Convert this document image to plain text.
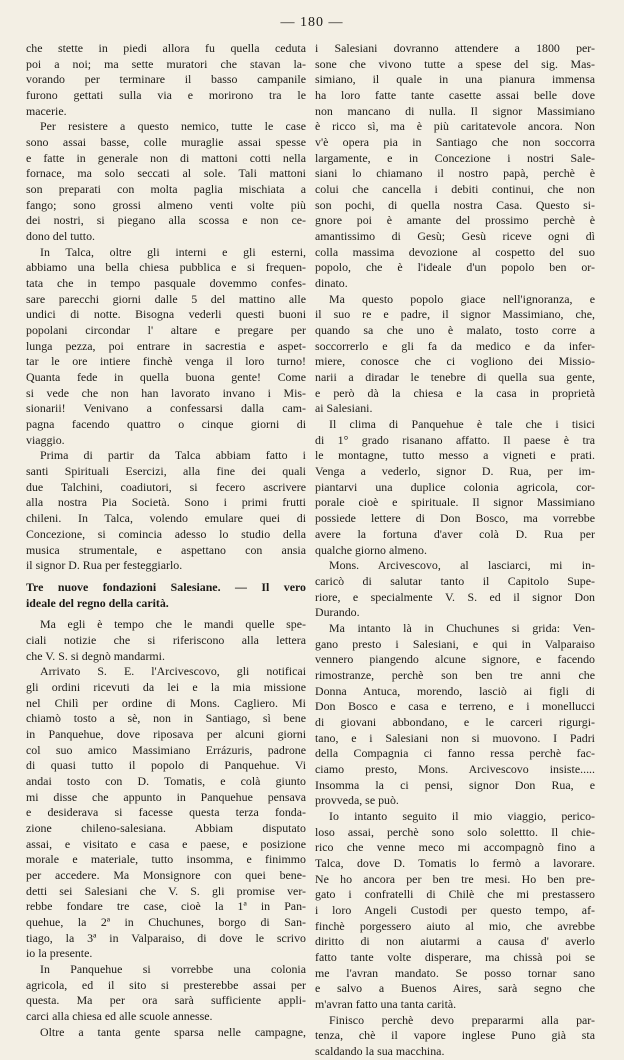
— 180 —
che stette in piedi allora fu quella ceduta
poi a noi; ma sette muratori che stavan la-
vorando per terminare il basso campanile
furono gettati sulla via e morirono tra le
macerie.
Per resistere a questo nemico, tutte le case
sono assai basse, colle muraglie assai spesse
e fatte in generale non di mattoni cotti nella
fornace, ma solo seccati al sole. Tali mattoni
son preparati con molta paglia mischiata a
fango; sono grossi almeno venti volte più
dei nostri, si piegano alla scossa e non ce-
dono del tutto.
In Talca, oltre gli interni e gli esterni,
abbiamo una bella chiesa pubblica e si frequen-
tata che in tempo pasquale dovemmo confes-
sare parecchi giorni dalle 5 del mattino alle
undici di notte. Bisogna vederli questi buoni
popolani circondar l' altare e pregare per
lunga pezza, poi entrare in sacrestia e aspet-
tar le ore intiere finchè venga il loro turno!
Quanta fede in quella buona gente! Come
si vede che non han lavorato invano i Mis-
sionarii! Venivano a confessarsi dalla cam-
pagna facendo quattro o cinque giorni di
viaggio.
Prima di partir da Talca abbiam fatto i
santi Spirituali Esercizi, alla fine dei quali
due Talchini, coadiutori, si fecero ascrivere
alla nostra Pia Società. Sono i primi frutti
chileni. In Talca, volendo emulare quei di
Concezione, si comincia adesso lo studio della
musica strumentale, e aspettano con ansia
il signor D. Rua per festeggiarlo.
Tre nuove fondazioni Salesiane. — Il vero
ideale del regno della carità.
Ma egli è tempo che le mandi quelle spe-
ciali notizie che si riferiscono alla lettera
che V. S. si degnò mandarmi.
Arrivato S. E. l'Arcivescovo, gli notificai
gli ordini ricevuti da lei e la mia missione
nel Chilì per ordine di Mons. Cagliero. Mi
chiamò tosto a sè, non in Santiago, sì bene
in Panquehue, dove riposava per alcuni giorni
col suo amico Massimiano Errázuris, padrone
di quasi tutto il popolo di Panquehue. Vi
andai tosto con D. Tomatis, e colà giunto
mi disse che appunto in Panquehue pensava
e desiderava si facesse questa terza fonda-
zione chileno-salesiana. Abbiam disputato
assai, e visitato e casa e paese, e posizione
morale e materiale, tutto insomma, e finimmo
per accedere. Ma Monsignore con quei bene-
detti sei Salesiani che V. S. gli promise ver-
rebbe fondare tre case, cioè la 1ª in Pan-
quehue, la 2ª in Chuchunes, borgo di San-
tiago, la 3ª in Valparaiso, di dove le scrivo
io la presente.
In Panquehue si vorrebbe una colonia
agricola, ed il sito si presterebbe assai per
questa. Ma per ora sarà sufficiente appli-
carci alla chiesa ed alle scuole annesse.
Oltre a tanta gente sparsa nelle campagne,
i Salesiani dovranno attendere a 1800 per-
sone che vivono tutte a spese del sig. Mas-
simiano, il quale in una pianura immensa
ha loro fatte tante casette assai belle dove
non mancano di nulla. Il signor Massimiano
è ricco sì, ma è più caritatevole ancora. Non
v'è opera pia in Santiago che non soccorra
largamente, e in Concezione i nostri Sale-
siani lo chiamano il nostro papà, perchè è
colui che cancella i debiti continui, che non
son pochi, di quella nostra Casa. Questo si-
gnore poi è amante del prossimo perchè è
amantissimo di Gesù; Gesù riceve ogni dì
colla massima devozione al cospetto del suo
popolo, che è l'ideale d'un popolo ben or-
dinato.
Ma questo popolo giace nell'ignoranza, e
il suo re e padre, il signor Massimiano, che,
quando sa che uno è malato, tosto corre a
soccorrerlo e gli fa da medico e da infer-
miere, conosce che ci vogliono dei Missio-
narii a diradar le tenebre di quella sua gente,
e però dà la chiesa e la casa in proprietà
ai Salesiani.
Il clima di Panquehue è tale che i tisici
di 1° grado risanano affatto. Il paese è tra
le montagne, tutto messo a vigneti e prati.
Venga a vederlo, signor D. Rua, per im-
piantarvi una duplice colonia agricola, cor-
porale cioè e spirituale. Il signor Massimiano
possiede lettere di Don Bosco, ma vorrebbe
avere la fortuna d'aver colà D. Rua per
qualche giorno almeno.
Mons. Arcivescovo, al lasciarci, mi in-
caricò di salutar tanto il Capitolo Supe-
riore, e specialmente V. S. ed il signor Don
Durando.
Ma intanto là in Chuchunes si grida: Ven-
gano presto i Salesiani, e qui in Valparaiso
vennero piangendo alcune signore, e facendo
rimostranze, perchè son ben tre anni che
Donna Antuca, morendo, lasciò ai figli di
Don Bosco e casa e terreno, e i monellucci
di giovani abbondano, e le carceri rigurgi-
tano, e i Salesiani non si muovono. I Padri
della Compagnia ci fanno ressa perchè fac-
ciamo presto, Mons. Arcivescovo insiste.....
Insomma la ci pensi, signor Don Rua, e
provveda, se può.
Io intanto seguito il mio viaggio, perico-
loso assai, perchè sono solo solettto. Il chie-
rico che venne meco mi accompagnò fino a
Talca, dove D. Tomatis lo fermò a lavorare.
Ne ho ancora per ben tre mesi. Ho ben pre-
gato i confratelli di Chilè che mi prestassero
i loro Angeli Custodi per questo tempo, af-
finchè porgessero aiuto al mio, che avrebbe
diritto di non aiutarmi a causa d' averlo
fatto tante volte disperare, ma chissà poi se
me l'avran mandato. Se posso tornar sano
e salvo a Buenos Aires, sarà segno che
m'avran fatto una tanta carità.
Finisco perchè devo prepararmi alla par-
tenza, chè il vapore inglese Puno già sta
scaldando la sua macchina.
